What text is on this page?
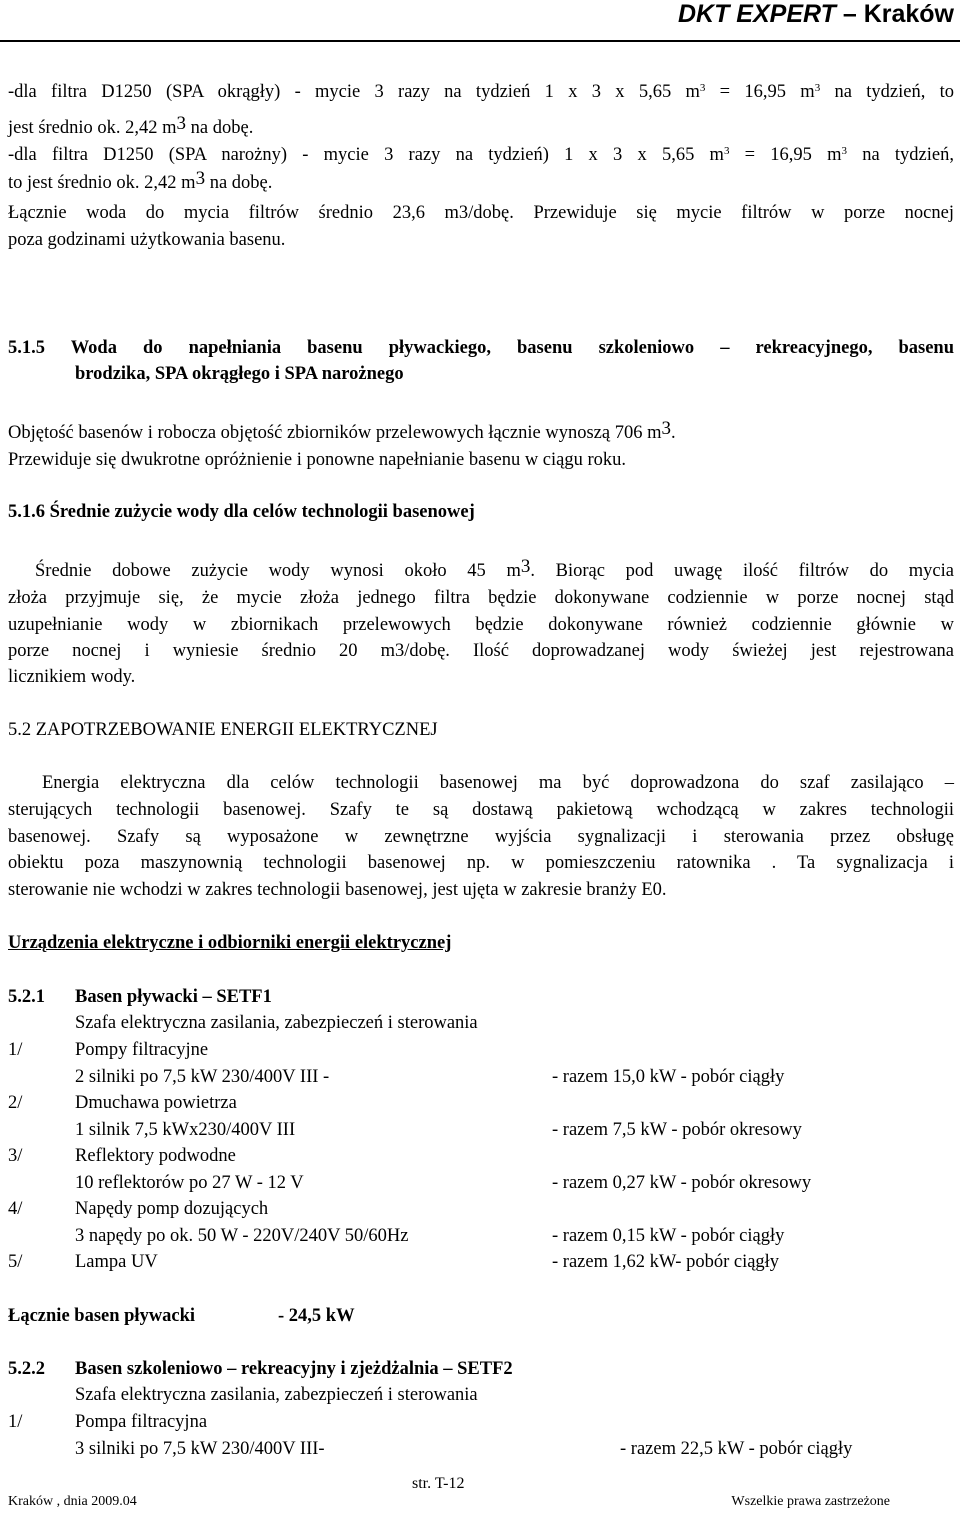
DKT EXPERT – Kraków
-dla filtra D1250 (SPA okrągły) - mycie 3 razy na tydzień 1 x 3 x 5,65 $m^3 = 16,95$ $m^3$ na tydzień, to
jest średnio ok. 2,42 m3 na dobę.
-dla filtra D1250 (SPA narożny) - mycie 3 razy na tydzień) 1 x 3 x 5,65 $m^3 = 16,95$ $m^3$ na tydzień,
to jest średnio ok. 2,42 m3 na dobę.
Łącznie woda do mycia filtrów średnio 23,6 m3/dobę. Przewiduje się mycie filtrów w porze nocnej
poza godzinami użytkowania basenu.
5.1.5 Woda do napełniania basenu pływackiego, basenu szkoleniowo – rekreacyjnego, basenu
brodzika, SPA okrągłego i SPA narożnego
Objętość basenów i robocza objętość zbiorników przelewowych łącznie wynoszą 706 m3.
Przewiduje się dwukrotne opróżnienie i ponowne napełnianie basenu w ciągu roku.
5.1.6 Średnie zużycie wody dla celów technologii basenowej
Średnie dobowe zużycie wody wynosi około 45 m3. Biorąc pod uwagę ilość filtrów do mycia
złoża przyjmuje się, że mycie złoża jednego filtra będzie dokonywane codziennie w porze nocnej stąd
uzupełnianie wody w zbiornikach przelewowych będzie dokonywane również codziennie głównie w
porze nocnej i wyniesie średnio 20 m3/dobę. Ilość doprowadzanej wody świeżej jest rejestrowana
licznikiem wody.
5.2 ZAPOTRZEBOWANIE ENERGII ELEKTRYCZNEJ
Energia elektryczna dla celów technologii basenowej ma być doprowadzona do szaf zasilająco –
sterujących technologii basenowej. Szafy te są dostawą pakietową wchodzącą w zakres technologii
basenowej. Szafy są wyposażone w zewnętrzne wyjścia sygnalizacji i sterowania przez obsługę
obiektu poza maszynownią technologii basenowej np. w pomieszczeniu ratownika . Ta sygnalizacja i
sterowanie nie wchodzi w zakres technologii basenowej, jest ujęta w zakresie branży E0.
Urządzenia elektryczne i odbiorniki energii elektrycznej
5.2.1 Basen pływacki – SETF1
Szafa elektryczna zasilania, zabezpieczeń i sterowania
1/	Pompy filtracyjne
2 silniki po 7,5 kW 230/400V III -	- razem 15,0 kW - pobór ciągły
2/	Dmuchawa powietrza
1 silnik 7,5 kWx230/400V III	- razem 7,5 kW - pobór okresowy
3/	Reflektory podwodne
10 reflektorów po 27 W - 12 V	- razem 0,27 kW - pobór okresowy
4/	Napędy pomp dozujących
3 napędy po ok. 50 W - 220V/240V 50/60Hz	- razem 0,15 kW - pobór ciągły
5/	Lampa UV	- razem 1,62 kW- pobór ciągły
Łącznie basen pływacki	- 24,5 kW
5.2.2 Basen szkoleniowo – rekreacyjny i zjeżdżalnia – SETF2
Szafa elektryczna zasilania, zabezpieczeń i sterowania
1/	Pompa filtracyjna
3 silniki po 7,5 kW 230/400V III-	- razem 22,5 kW - pobór ciągły
str. T-12
Kraków , dnia 2009.04	Wszelkie prawa zastrzeżone
